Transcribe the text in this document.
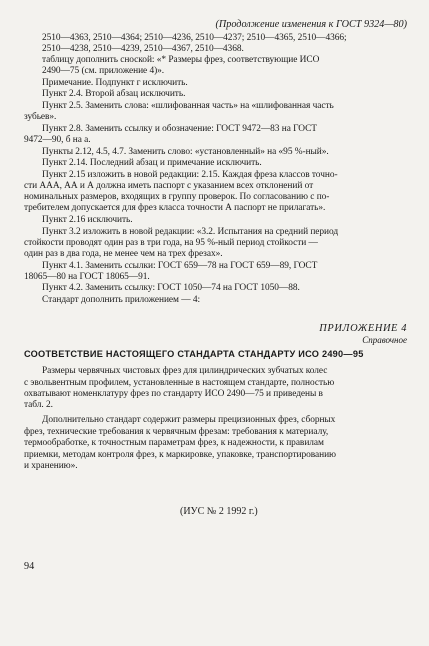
(Продолжение изменения к ГОСТ 9324—80)
2510—4363, 2510—4364; 2510—4236, 2510—4237; 2510—4365, 2510—4366;
2510—4238, 2510—4239, 2510—4367, 2510—4368.
таблицу дополнить сноской: «* Размеры фрез, соответствующие ИСО
2490—75 (см. приложение 4)».
Примечание. Подпункт г исключить.
Пункт 2.4. Второй абзац исключить.
Пункт 2.5. Заменить слова: «шлифованная часть» на «шлифованная часть
зубьев».
Пункт 2.8. Заменить ссылку и обозначение: ГОСТ 9472—83 на ГОСТ
9472—90, б на а.
Пункты 2.12, 4.5, 4.7. Заменить слово: «установленный» на «95 %-ный».
Пункт 2.14. Последний абзац и примечание исключить.
Пункт 2.15 изложить в новой редакции: 2.15. Каждая фреза классов точно-
сти ААА, АА и А должна иметь паспорт с указанием всех отклонений от
номинальных размеров, входящих в группу проверок. По согласованию с по-
требителем допускается для фрез класса точности А паспорт не прилагать».
Пункт 2.16 исключить.
Пункт 3.2 изложить в новой редакции: «3.2. Испытания на средний период
стойкости проводят один раз в три года, на 95 %-ный период стойкости —
один раз в два года, не менее чем на трех фрезах».
Пункт 4.1. Заменить ссылки: ГОСТ 659—78 на ГОСТ 659—89, ГОСТ
18065—80 на ГОСТ 18065—91.
Пункт 4.2. Заменить ссылку: ГОСТ 1050—74 на ГОСТ 1050—88.
Стандарт дополнить приложением — 4:
ПРИЛОЖЕНИЕ 4
Справочное
СООТВЕТСТВИЕ НАСТОЯЩЕГО СТАНДАРТА СТАНДАРТУ ИСО 2490—95
Размеры червячных чистовых фрез для цилиндрических зубчатых колес
с эвольвентным профилем, установленные в настоящем стандарте, полностью
охватывают номенклатуру фрез по стандарту ИСО 2490—75 и приведены в
табл. 2.
Дополнительно стандарт содержит размеры прецизионных фрез, сборных
фрез, технические требования к червячным фрезам: требования к материалу,
термообработке, к точностным параметрам фрез, к надежности, к правилам
приемки, методам контроля фрез, к маркировке, упаковке, транспортированию
и хранению».
(ИУС № 2 1992 г.)
94
